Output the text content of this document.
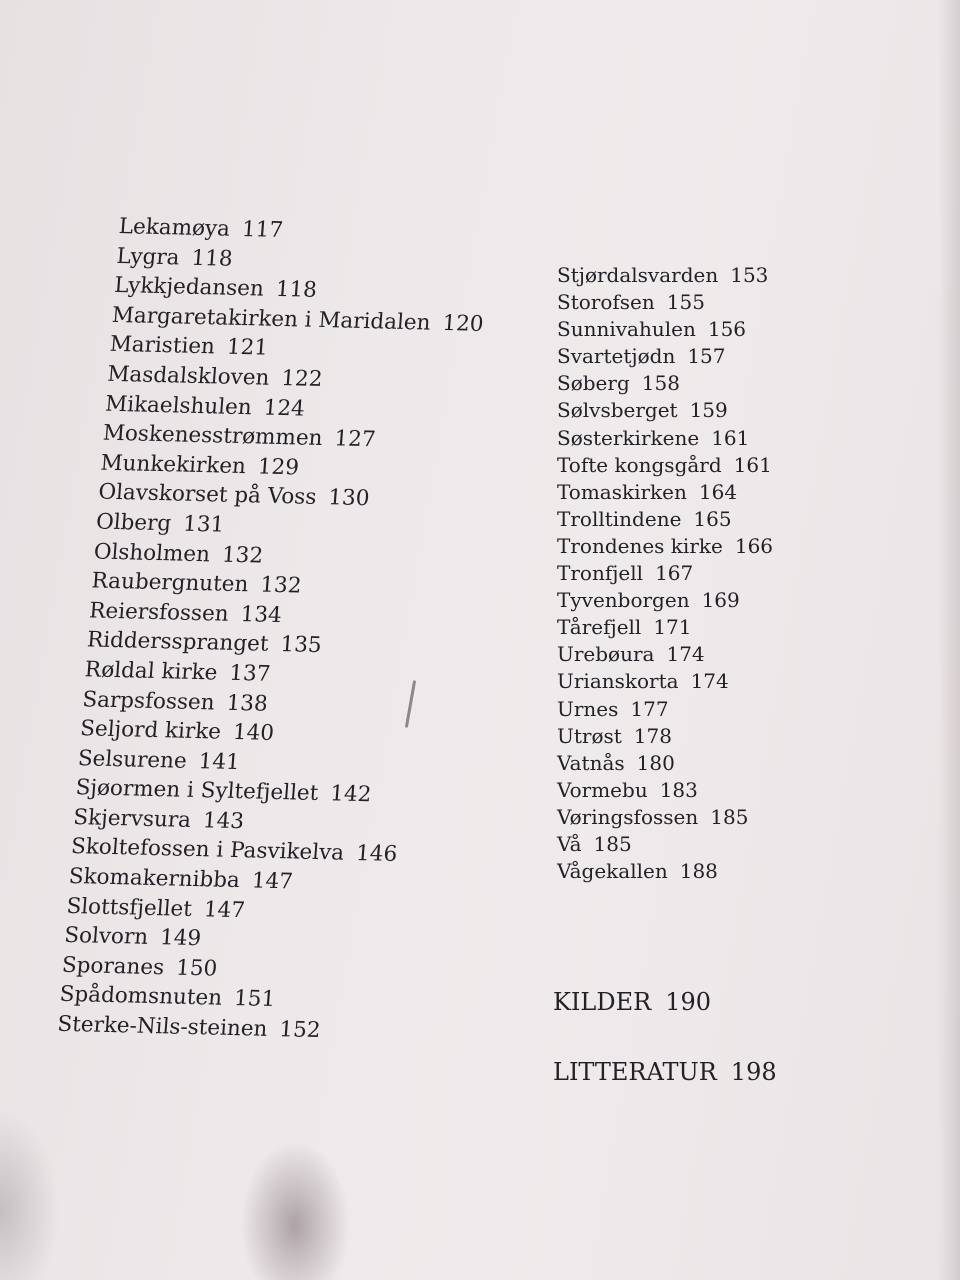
Lekamøya 117
Lygra 118
Lykkjedansen 118
Margaretakirken i Maridalen 120
Maristien 121
Masdalskloven 122
Mikaelshulen 124
Moskenesstrømmen 127
Munkekirken 129
Olavskorset på Voss 130
Olberg 131
Olsholmen 132
Raubergnuten 132
Reiersfossen 134
Riddersspranget 135
Røldal kirke 137
Sarpsfossen 138
Seljord kirke 140
Selsurene 141
Sjøormen i Syltefjellet 142
Skjervsura 143
Skoltefossen i Pasvikelva 146
Skomakernibba 147
Slottsfjellet 147
Solvorn 149
Sporanes 150
Spådomsnuten 151
Sterke-Nils-steinen 152
Stjørdalsvarden 153
Storofsen 155
Sunnivahulen 156
Svartetjødn 157
Søberg 158
Sølvsberget 159
Søsterkirkene 161
Tofte kongsgård 161
Tomaskirken 164
Trolltindene 165
Trondenes kirke 166
Tronfjell 167
Tyvenborgen 169
Tårefjell 171
Urebøura 174
Urianskorta 174
Urnes 177
Utrøst 178
Vatnås 180
Vormebu 183
Vøringsfossen 185
Vå 185
Vågekallen 188
KILDER 190
LITTERATUR 198
